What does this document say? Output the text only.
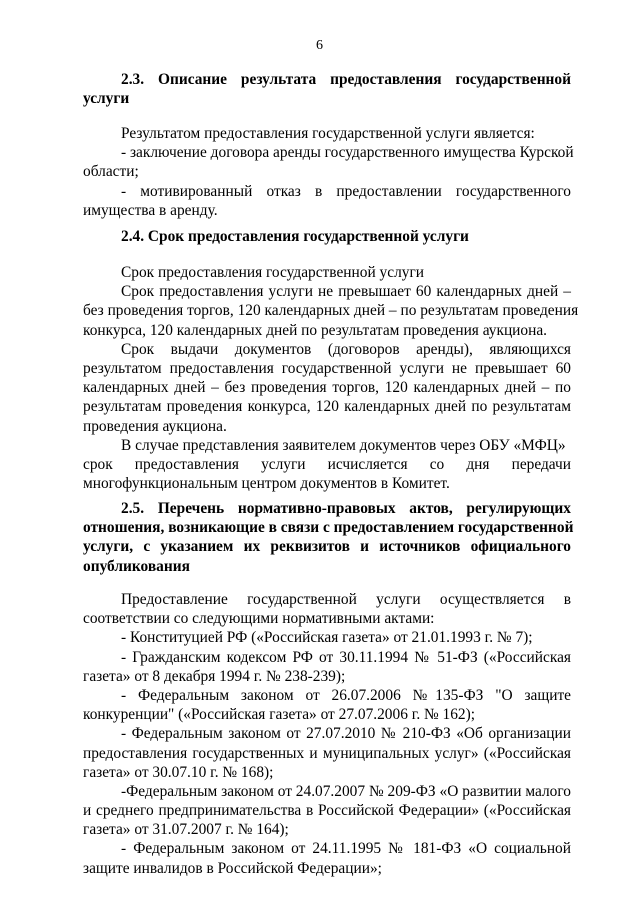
6
2.3. Описание результата предоставления государственной
услуги
Результатом предоставления государственной услуги является:
- заключение договора аренды государственного имущества Курской
области;
- мотивированный отказ в предоставлении государственного
имущества в аренду.
2.4. Срок предоставления государственной услуги
Срок предоставления государственной услуги
Срок предоставления услуги не превышает 60 календарных дней –
без проведения торгов, 120 календарных дней – по результатам проведения
конкурса, 120 календарных дней по результатам проведения аукциона.
Срок выдачи документов (договоров аренды), являющихся
результатом предоставления государственной услуги не превышает 60
календарных дней – без проведения торгов, 120 календарных дней – по
результатам проведения конкурса, 120 календарных дней по результатам
проведения аукциона.
В случае представления заявителем документов через ОБУ «МФЦ»
срок предоставления услуги исчисляется со дня передачи
многофункциональным центром документов в Комитет.
2.5. Перечень нормативно-правовых актов, регулирующих
отношения, возникающие в связи с предоставлением государственной
услуги, с указанием их реквизитов и источников официального
опубликования
Предоставление государственной услуги осуществляется в
соответствии со следующими нормативными актами:
- Конституцией РФ («Российская газета» от 21.01.1993 г. № 7);
- Гражданским кодексом РФ от 30.11.1994 № 51-ФЗ («Российская
газета» от 8 декабря 1994 г. № 238-239);
- Федеральным законом от 26.07.2006 №135-ФЗ "О защите
конкуренции" («Российская газета» от 27.07.2006 г. № 162);
- Федеральным законом от 27.07.2010 № 210-ФЗ «Об организации
предоставления государственных и муниципальных услуг» («Российская
газета» от 30.07.10 г. № 168);
-Федеральным законом от 24.07.2007 № 209-ФЗ «О развитии малого
и среднего предпринимательства в Российской Федерации» («Российская
газета» от 31.07.2007 г. № 164);
- Федеральным законом от 24.11.1995 № 181-ФЗ «О социальной
защите инвалидов в Российской Федерации»;
